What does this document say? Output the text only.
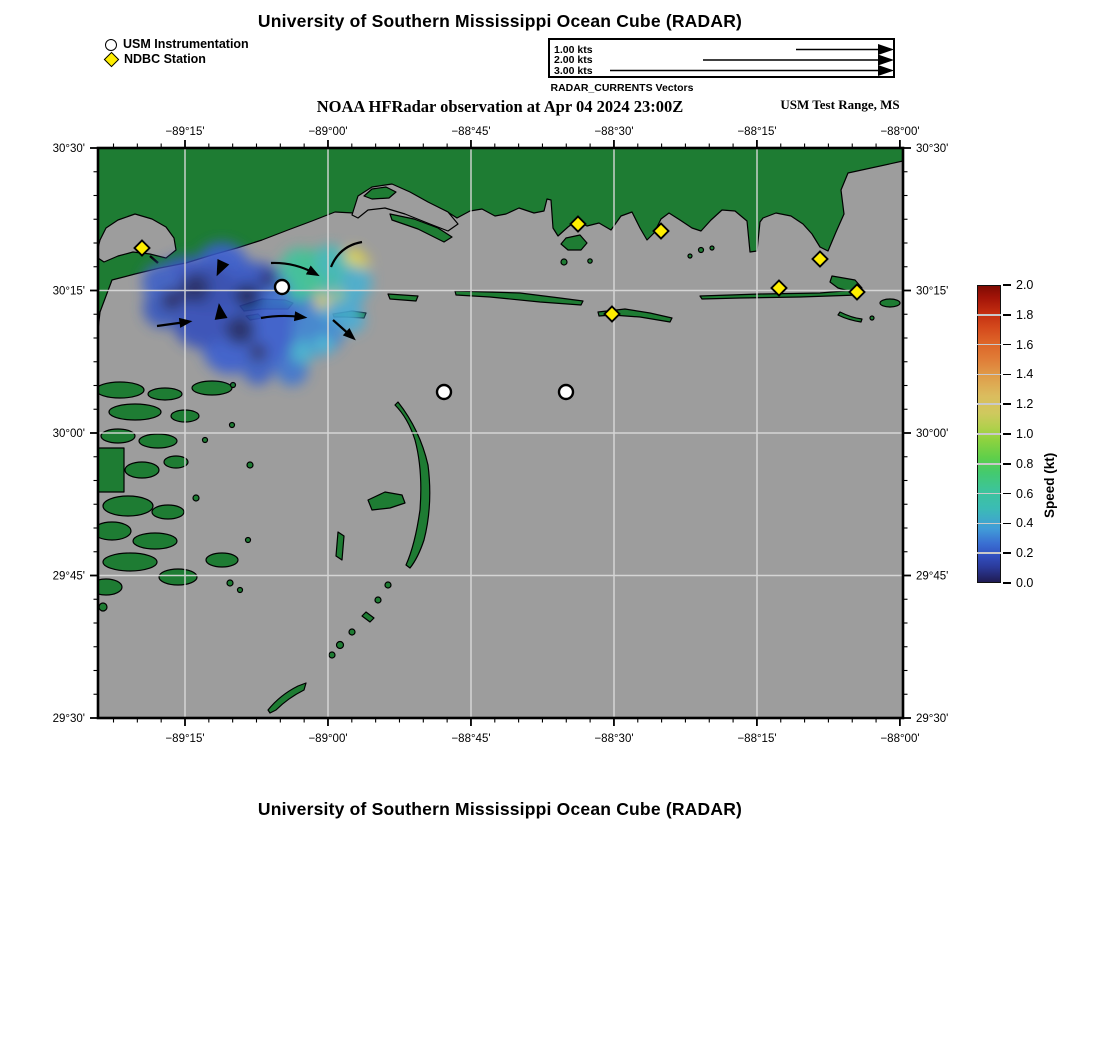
−89°15'
−89°15'
−89°00'
−89°00'
−88°45'
−88°45'
−88°30'
−88°30'
−88°15'
−88°15'
−88°00'
−88°00'
30°30'	30°30'
30°15'	30°15'
30°00'	30°00'
29°45'	29°45'
29°30'	29°30'
University of Southern Mississippi Ocean Cube (RADAR)
USM Instrumentation
NDBC Station
1.00 kts
2.00 kts
3.00 kts
RADAR_CURRENTS Vectors
NOAA HFRadar observation at Apr 04 2024 23:00Z	USM Test Range, MS
2.0
1.8
1.6
1.4
1.2
1.0
0.8
0.6
0.4
0.2
0.0
Speed (kt)
University of Southern Mississippi Ocean Cube (RADAR)
